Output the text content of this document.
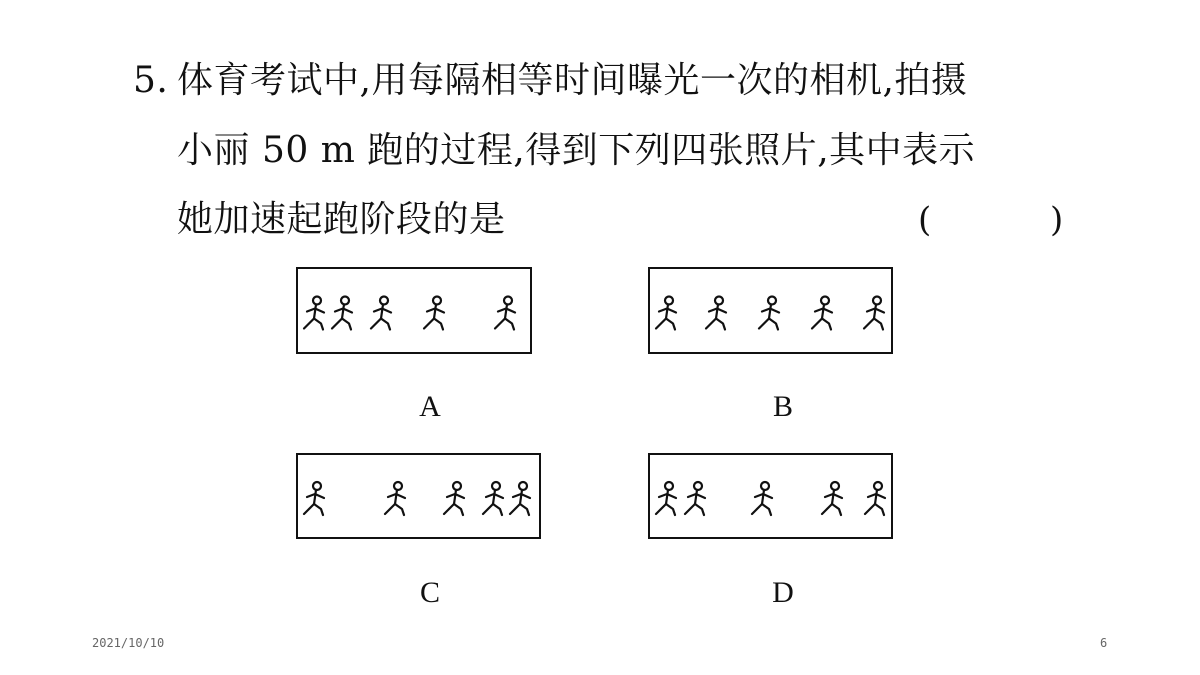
5. 体育考试中,用每隔相等时间曝光一次的相机,拍摄
小丽 50 m 跑的过程,得到下列四张照片,其中表示
她加速起跑阶段的是	(	)
A	B
C	D
2021/10/10	6
